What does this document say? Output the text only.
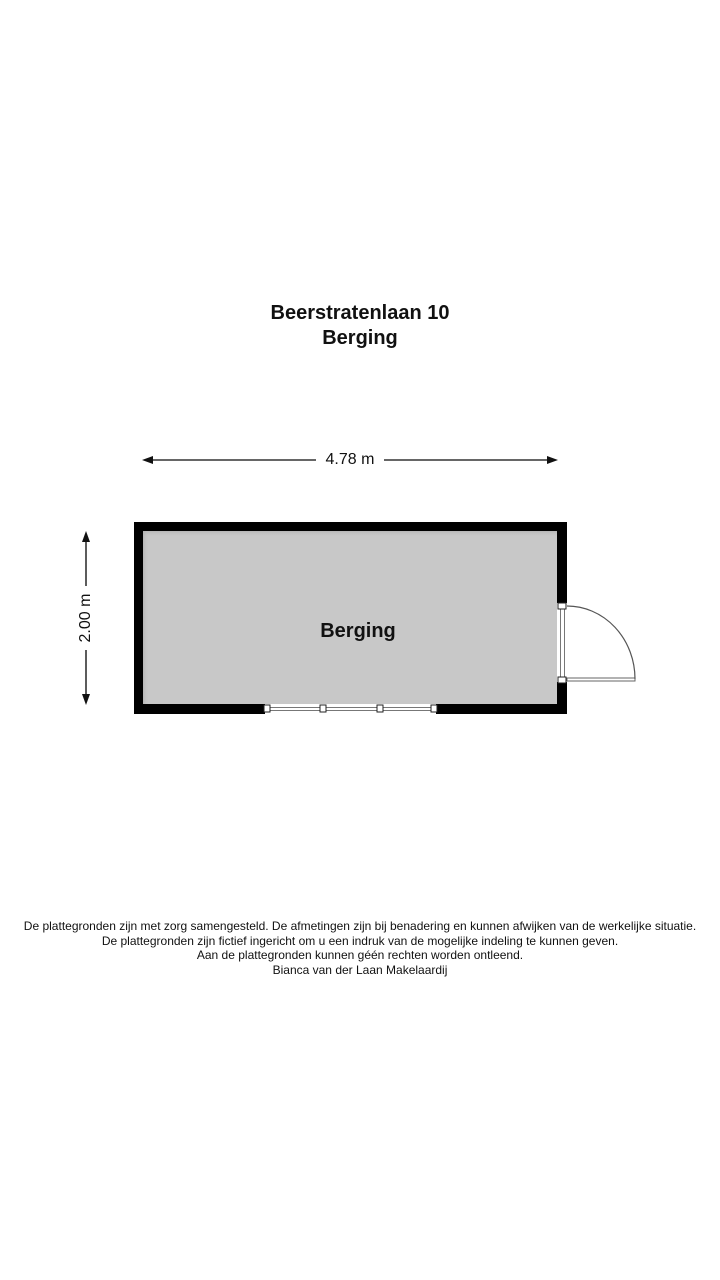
Beerstratenlaan 10
Berging
4.78 m
2.00 m	Berging
De plattegronden zijn met zorg samengesteld. De afmetingen zijn bij benadering en kunnen afwijken van de werkelijke situatie.
De plattegronden zijn fictief ingericht om u een indruk van de mogelijke indeling te kunnen geven.
Aan de plattegronden kunnen géén rechten worden ontleend.
Bianca van der Laan Makelaardij
